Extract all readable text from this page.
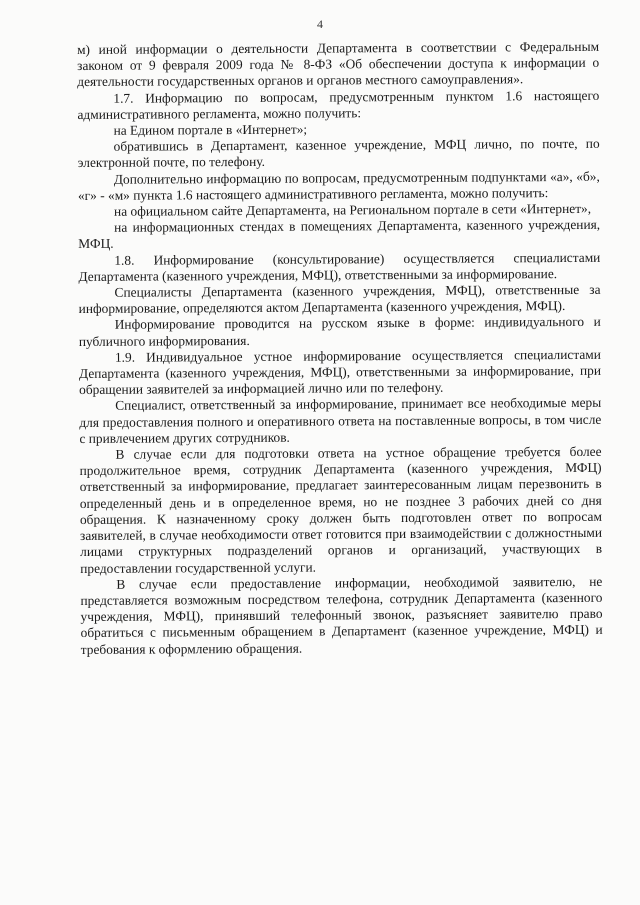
4

м) иной информации о деятельности Департамента в соответствии с Федеральным законом от 9 февраля 2009 года № 8-ФЗ «Об обеспечении доступа к информации о деятельности государственных органов и органов местного самоуправления».

1.7. Информацию по вопросам, предусмотренным пунктом 1.6 настоящего административного регламента, можно получить:

на Едином портале в «Интернет»;

обратившись в Департамент, казенное учреждение, МФЦ лично, по почте, по электронной почте, по телефону.

Дополнительно информацию по вопросам, предусмотренным подпунктами «а», «б», «г» - «м» пункта 1.6 настоящего административного регламента, можно получить:

на официальном сайте Департамента, на Региональном портале в сети «Интернет»,

на информационных стендах в помещениях Департамента, казенного учреждения, МФЦ.

1.8. Информирование (консультирование) осуществляется специалистами Департамента (казенного учреждения, МФЦ), ответственными за информирование.

Специалисты Департамента (казенного учреждения, МФЦ), ответственные за информирование, определяются актом Департамента (казенного учреждения, МФЦ).

Информирование проводится на русском языке в форме: индивидуального и публичного информирования.

1.9. Индивидуальное устное информирование осуществляется специалистами Департамента (казенного учреждения, МФЦ), ответственными за информирование, при обращении заявителей за информацией лично или по телефону.

Специалист, ответственный за информирование, принимает все необходимые меры для предоставления полного и оперативного ответа на поставленные вопросы, в том числе с привлечением других сотрудников.

В случае если для подготовки ответа на устное обращение требуется более продолжительное время, сотрудник Департамента (казенного учреждения, МФЦ) ответственный за информирование, предлагает заинтересованным лицам перезвонить в определенный день и в определенное время, но не позднее 3 рабочих дней со дня обращения. К назначенному сроку должен быть подготовлен ответ по вопросам заявителей, в случае необходимости ответ готовится при взаимодействии с должностными лицами структурных подразделений органов и организаций, участвующих в предоставлении государственной услуги.

В случае если предоставление информации, необходимой заявителю, не представляется возможным посредством телефона, сотрудник Департамента (казенного учреждения, МФЦ), принявший телефонный звонок, разъясняет заявителю право обратиться с письменным обращением в Департамент (казенное учреждение, МФЦ) и требования к оформлению обращения.
